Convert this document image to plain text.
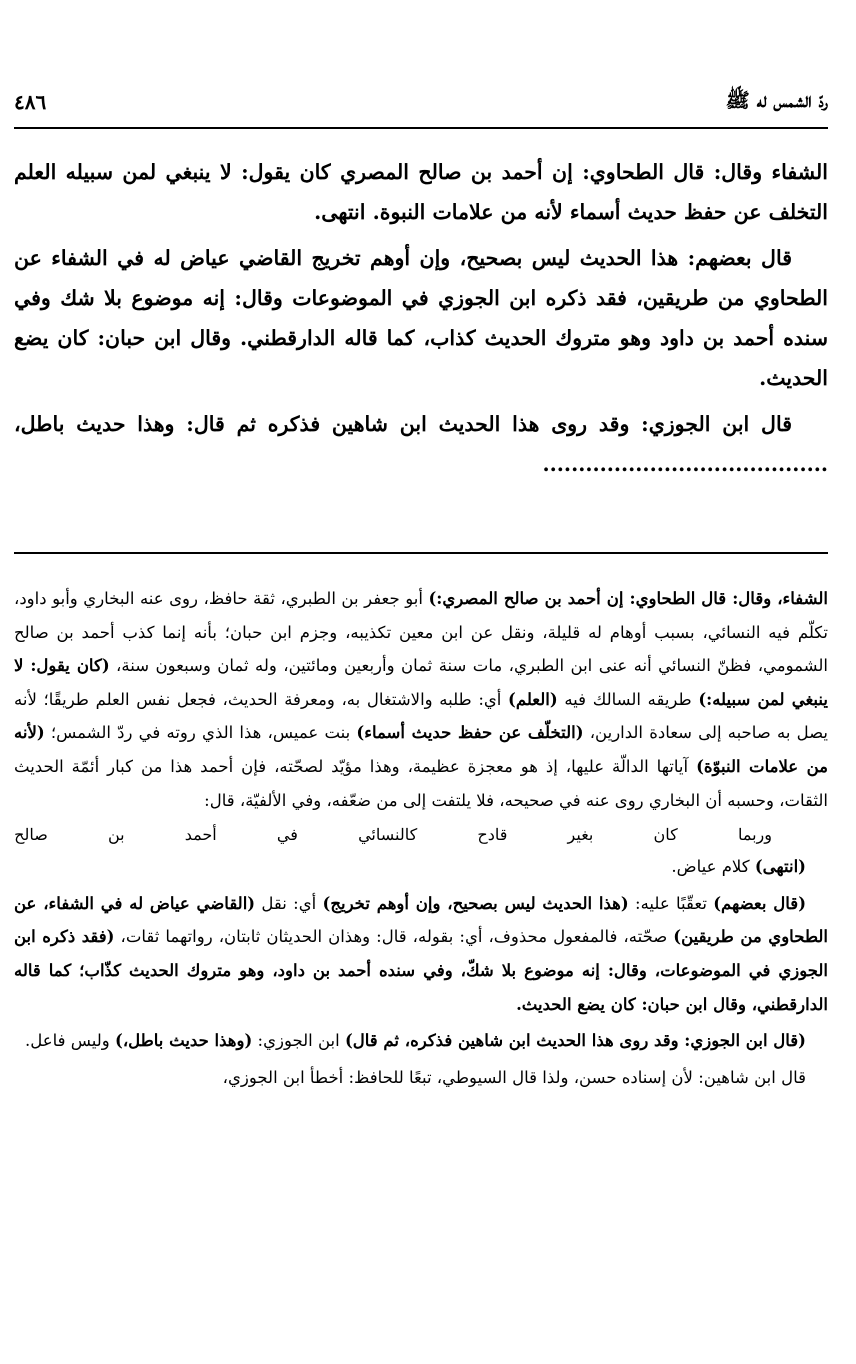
ردّ الشمس له ﷺ
٤٨٦

الشفاء وقال: قال الطحاوي: إن أحمد بن صالح المصري كان يقول: لا ينبغي لمن سبيله العلم التخلف عن حفظ حديث أسماء لأنه من علامات النبوة. انتهى.

قال بعضهم: هذا الحديث ليس بصحيح، وإن أوهم تخريج القاضي عياض له في الشفاء عن الطحاوي من طريقين، فقد ذكره ابن الجوزي في الموضوعات وقال: إنه موضوع بلا شك وفي سنده أحمد بن داود وهو متروك الحديث كذاب، كما قاله الدارقطني. وقال ابن حبان: كان يضع الحديث.

قال ابن الجوزي: وقد روى هذا الحديث ابن شاهين فذكره ثم قال: وهذا حديث باطل، ........................................

الشفاء، وقال: قال الطحاوي: إن أحمد بن صالح المصري:) أبو جعفر بن الطبري، ثقة حافظ، روى عنه البخاري وأبو داود، تكلّم فيه النسائي، بسبب أوهام له قليلة، ونقل عن ابن معين تكذيبه، وجزم ابن حبان؛ بأنه إنما كذب أحمد بن صالح الشمومي، فظنّ النسائي أنه عنى ابن الطبري، مات سنة ثمان وأربعين ومائتين، وله ثمان وسبعون سنة، (كان يقول: لا ينبغي لمن سبيله:) طريقه السالك فيه (العلم) أي: طلبه والاشتغال به، ومعرفة الحديث، فجعل نفس العلم طريقًا؛ لأنه يصل به صاحبه إلى سعادة الدارين، (التخلّف عن حفظ حديث أسماء) بنت عميس، هذا الذي روته في ردّ الشمس؛ (لأنه من علامات النبوّة) آياتها الدالّة عليها، إذ هو معجزة عظيمة، وهذا مؤيّد لصحّته، فإن أحمد هذا من كبار أئمّة الحديث الثقات، وحسبه أن البخاري روى عنه في صحيحه، فلا يلتفت إلى من ضعّفه، وفي الألفيّة، قال:

وربما
كان
بغير
قادح
كالنسائي
في
أحمد
بن
صالح

(انتهى) كلام عياض.

(قال بعضهم) تعقّبًا عليه: (هذا الحديث ليس بصحيح، وإن أوهم تخريج) أي: نقل (القاضي عياض له في الشفاء، عن الطحاوي من طريقين) صحّته، فالمفعول محذوف، أي: بقوله، قال: وهذان الحديثان ثابتان، رواتهما ثقات، (فقد ذكره ابن الجوزي في الموضوعات، وقال: إنه موضوع بلا شكّ، وفي سنده أحمد بن داود، وهو متروك الحديث كذّاب؛ كما قاله الدارقطني، وقال ابن حبان: كان يضع الحديث.

(قال ابن الجوزي: وقد روى هذا الحديث ابن شاهين فذكره، ثم قال) ابن الجوزي: (وهذا حديث باطل،) وليس فاعل.

قال ابن شاهين: لأن إسناده حسن، ولذا قال السيوطي، تبعًا للحافظ: أخطأ ابن الجوزي،
